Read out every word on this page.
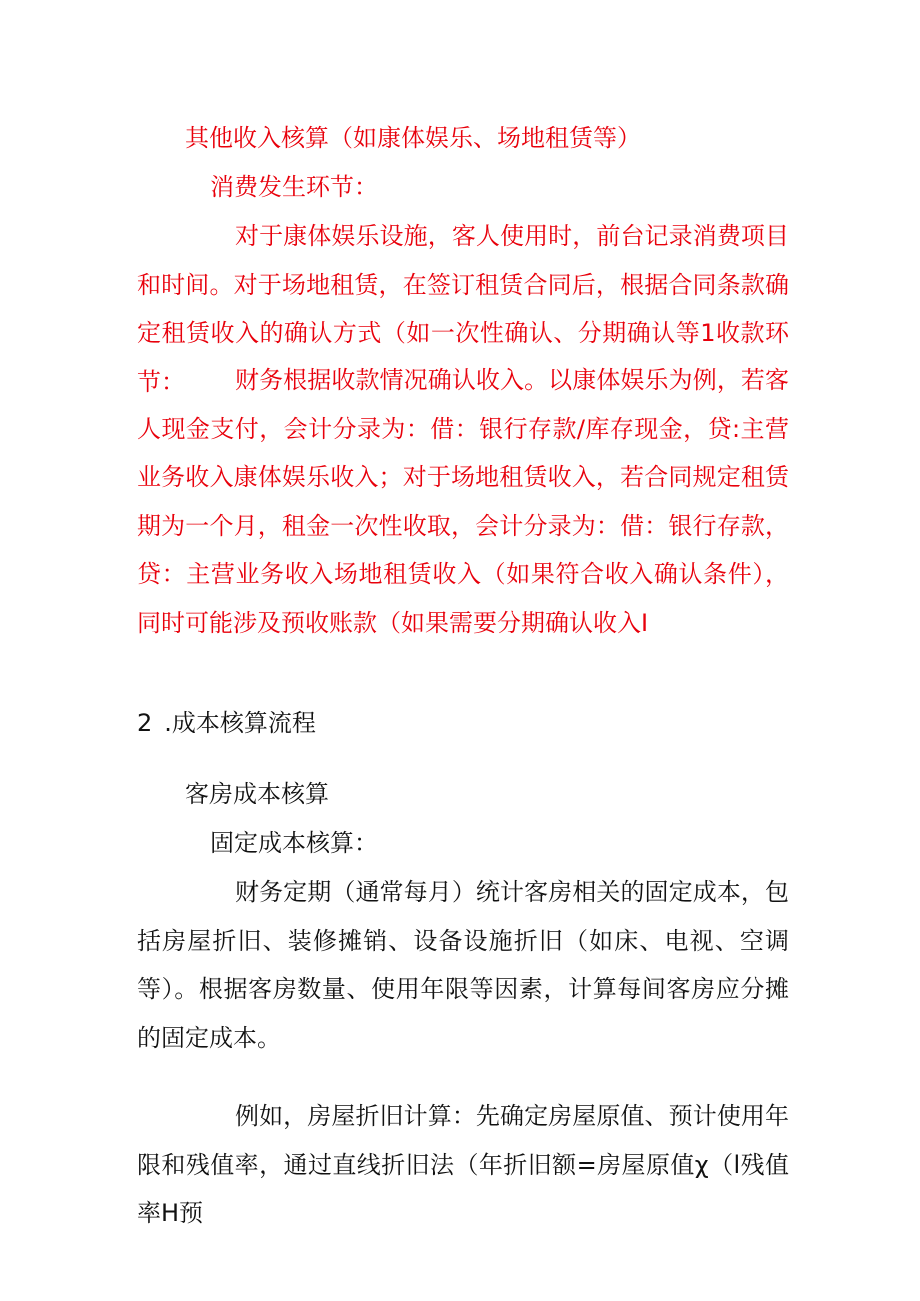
其他收入核算（如康体娱乐、场地租赁等）
消费发生环节：
对于康体娱乐设施，客人使用时，前台记录消费项目和时间。对于场地租赁，在签订租赁合同后，根据合同条款确定租赁收入的确认方式（如一次性确认、分期确认等1收款环节：	财务根据收款情况确认收入。以康体娱乐为例，若客人现金支付，会计分录为：借：银行存款/库存现金，贷:主营业务收入康体娱乐收入；对于场地租赁收入，若合同规定租赁期为一个月，租金一次性收取，会计分录为：借：银行存款，贷：主营业务收入场地租赁收入（如果符合收入确认条件），同时可能涉及预收账款（如果需要分期确认收入I
2 .成本核算流程
客房成本核算
固定成本核算：
财务定期（通常每月）统计客房相关的固定成本，包括房屋折旧、装修摊销、设备设施折旧（如床、电视、空调等）。根据客房数量、使用年限等因素，计算每间客房应分摊的固定成本。
例如，房屋折旧计算：先确定房屋原值、预计使用年限和残值率，通过直线折旧法（年折旧额=房屋原值χ（l残值率H预
